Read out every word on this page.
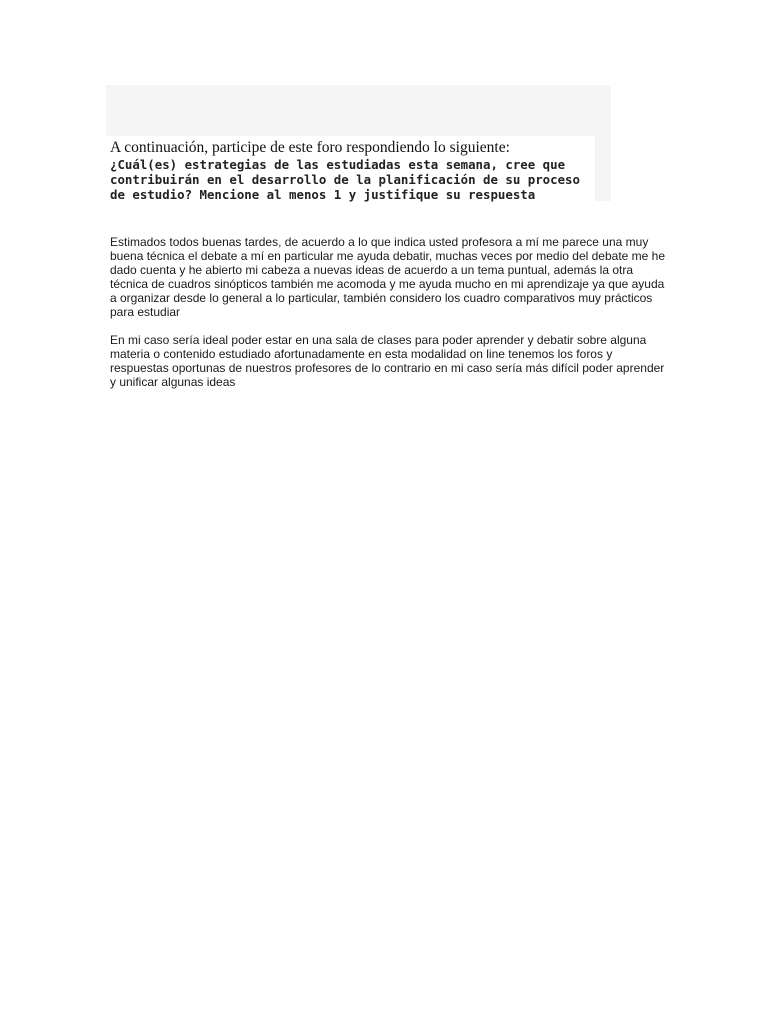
A continuación, participe de este foro respondiendo lo siguiente:

¿Cuál(es) estrategias de las estudiadas esta semana, cree que contribuirán en el desarrollo de la planificación de su proceso de estudio? Mencione al menos 1 y justifique su respuesta

Estimados todos buenas tardes, de acuerdo a lo que indica usted profesora a mí me parece una muy buena técnica el debate a mí en particular me ayuda debatir, muchas veces por medio del debate me he dado cuenta y he abierto mi cabeza a nuevas ideas de acuerdo a un tema puntual, además la otra técnica de cuadros sinópticos también me acomoda y me ayuda mucho en mi aprendizaje ya que ayuda a organizar desde lo general a lo particular, también considero los cuadro comparativos muy prácticos para estudiar

En mi caso sería ideal poder estar en una sala de clases para poder aprender y debatir sobre alguna materia o contenido estudiado afortunadamente en esta modalidad on line tenemos los foros y respuestas oportunas de nuestros profesores de lo contrario en mi caso sería más difícil poder aprender y unificar algunas ideas
